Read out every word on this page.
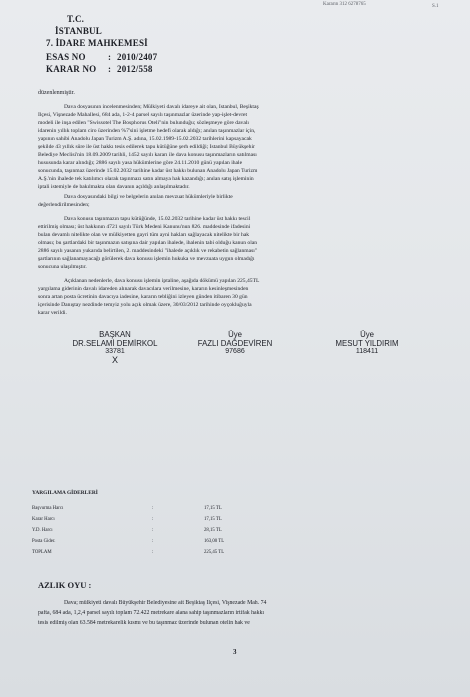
Kararın 312 6278765	S.1
T.C.
İSTANBUL
7. İDARE MAHKEMESİ
ESAS NO : 2010/2407
KARAR NO : 2012/558
düzenlenmiştir.
Dava dosyasının incelenmesinden; Mülkiyeti davalı idareye ait olan, İstanbul, Beşiktaş
İlçesi, Vişnezade Mahallesi, 684 ada, 1-2-4 parsel sayılı taşınmazlar üzerinde yap-işlet-devret
modeli ile inşa edilen "Swissotel The Bosphorus Oteli"nin bulunduğu; sözleşmeye göre davalı
idarenin yıllık toplam ciro üzerinden %7'sini işletme hedefi olarak aldığı; anılan taşınmazlar için,
yapının sahibi Anadolu Japan Turizm A.Ş. adına, 15.02.1989-15.02.2032 tarihlerini kapsayacak
şekilde 43 yıllık süre ile üst hakkı tesis edilerek tapu kütüğüne şerh edildiği; İstanbul Büyükşehir
Belediye Meclisi'nin 18.09.2009 tarihli, 1452 sayılı kararı ile dava konusu taşınmazların satılması
hususunda karar alındığı; 2886 sayılı yasa hükümlerine göre 24.11.2010 günü yapılan ihale
sonucunda, taşınmaz üzerinde 15.02.2032 tarihine kadar üst hakkı bulunan Anadolu Japan Turizm
A.Ş.'nin ihalede tek katılımcı olarak taşınmazı satın almaya hak kazandığı; anılan satış işleminin
iptali istemiyle de bakılmakta olan davanın açıldığı anlaşılmaktadır.
Dava dosyasındaki bilgi ve belgelerin anılan mevzuat hükümleriyle birlikte
değerlendirilmesinden;
Dava konusu taşınmazın tapu kütüğünde, 15.02.2032 tarihine kadar üst hakkı tescil
ettirilmiş olması; üst hakkının 4721 sayılı Türk Medeni Kanunu'nun 826. maddesinde ifadesini
bulan devamlı nitelikte olan ve mülkiyetten gayri tüm ayni hakları sağlayacak nitelikte bir hak
olması; bu şartlardaki bir taşınmazın satışına dair yapılan ihalede, ihalenin tabi olduğu kanun olan
2886 sayılı yasanın yukarıda belirtilen, 2. maddesindeki "ihalede açıklık ve rekabetin sağlanması"
şartlarının sağlanamayacağı görülerek dava konusu işlemin hukuka ve mevzuata uygun olmadığı
sonucuna ulaşılmıştır.
Açıklanan nedenlerle, dava konusu işlemin iptaline, aşağıda dökümü yapılan 225,45TL
yargılama giderinin davalı idareden alınarak davacılara verilmesine, kararın kesinleşmesinden
sonra artan posta ücretinin davacıya iadesine, kararın tebliğini izleyen günden itibaren 30 gün
içerisinde Danıştay nezdinde temyiz yolu açık olmak üzere, 30/03/2012 tarihinde oyçokluğuyla
karar verildi.
BAŞKAN
DR.SELAMİ DEMİRKOL
33781
X
Üye
FAZLI DAĞDEVİREN
97686
Üye
MESUT YILDIRIM
118411
YARGILAMA GİDERLERİ
Başvurma Harcı	:	17,15 TL
Karar Harcı	:	17,15 TL
Y.D. Harcı	:	28,15 TL
Posta Gider.	:	163,00 TL
TOPLAM	:	225,45 TL
AZLIK OYU :
Dava; mülkiyeti davalı Büyükşehir Belediyesine ait Beşiktaş İlçesi, Vişnezade Mah. 74
pafta, 684 ada, 1,2,4 parsel sayılı toplam 72.422 metrekare alana sahip taşınmazların irtifak hakkı
tesis edilmiş olan 63.584 metrekarelik kısmı ve bu taşınmaz üzerinde bulunan otelin hak ve
3
